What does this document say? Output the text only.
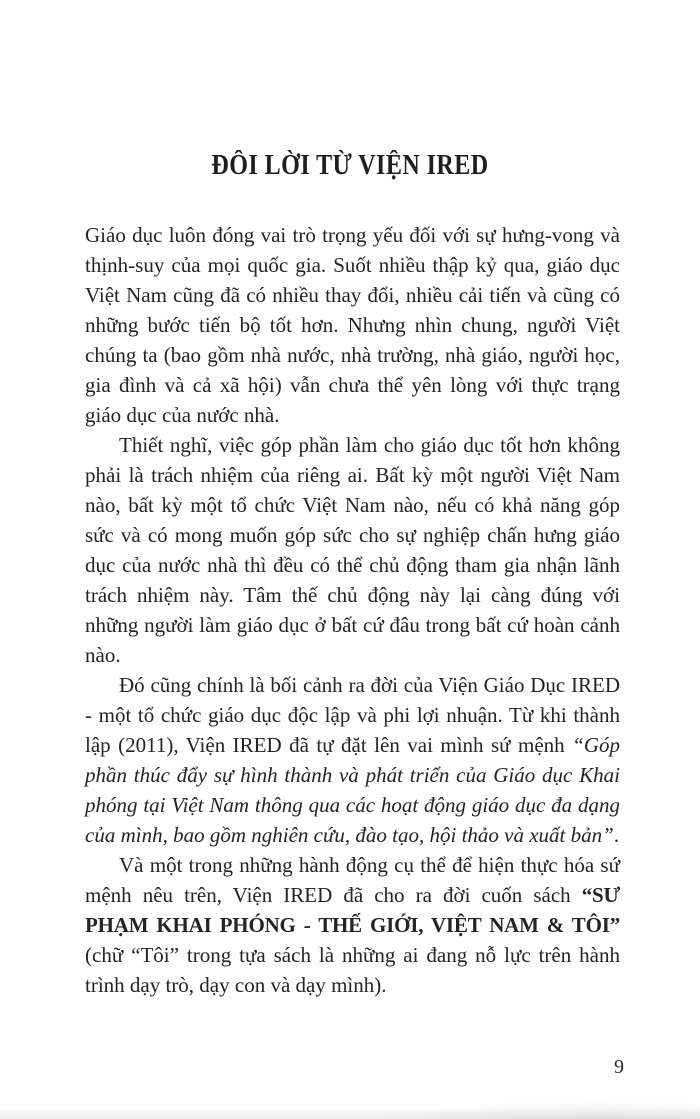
ĐÔI LỜI TỪ VIỆN IRED

Giáo dục luôn đóng vai trò trọng yếu đối với sự hưng-vong và thịnh-suy của mọi quốc gia. Suốt nhiều thập kỷ qua, giáo dục Việt Nam cũng đã có nhiều thay đổi, nhiều cải tiến và cũng có những bước tiến bộ tốt hơn. Nhưng nhìn chung, người Việt chúng ta (bao gồm nhà nước, nhà trường, nhà giáo, người học, gia đình và cả xã hội) vẫn chưa thể yên lòng với thực trạng giáo dục của nước nhà.

Thiết nghĩ, việc góp phần làm cho giáo dục tốt hơn không phải là trách nhiệm của riêng ai. Bất kỳ một người Việt Nam nào, bất kỳ một tổ chức Việt Nam nào, nếu có khả năng góp sức và có mong muốn góp sức cho sự nghiệp chấn hưng giáo dục của nước nhà thì đều có thể chủ động tham gia nhận lãnh trách nhiệm này. Tâm thế chủ động này lại càng đúng với những người làm giáo dục ở bất cứ đâu trong bất cứ hoàn cảnh nào.

Đó cũng chính là bối cảnh ra đời của Viện Giáo Dục IRED - một tổ chức giáo dục độc lập và phi lợi nhuận. Từ khi thành lập (2011), Viện IRED đã tự đặt lên vai mình sứ mệnh “Góp phần thúc đẩy sự hình thành và phát triển của Giáo dục Khai phóng tại Việt Nam thông qua các hoạt động giáo dục đa dạng của mình, bao gồm nghiên cứu, đào tạo, hội thảo và xuất bản”.

Và một trong những hành động cụ thể để hiện thực hóa sứ mệnh nêu trên, Viện IRED đã cho ra đời cuốn sách “SƯ PHẠM KHAI PHÓNG - THẾ GIỚI, VIỆT NAM & TÔI” (chữ “Tôi” trong tựa sách là những ai đang nỗ lực trên hành trình dạy trò, dạy con và dạy mình).

9
